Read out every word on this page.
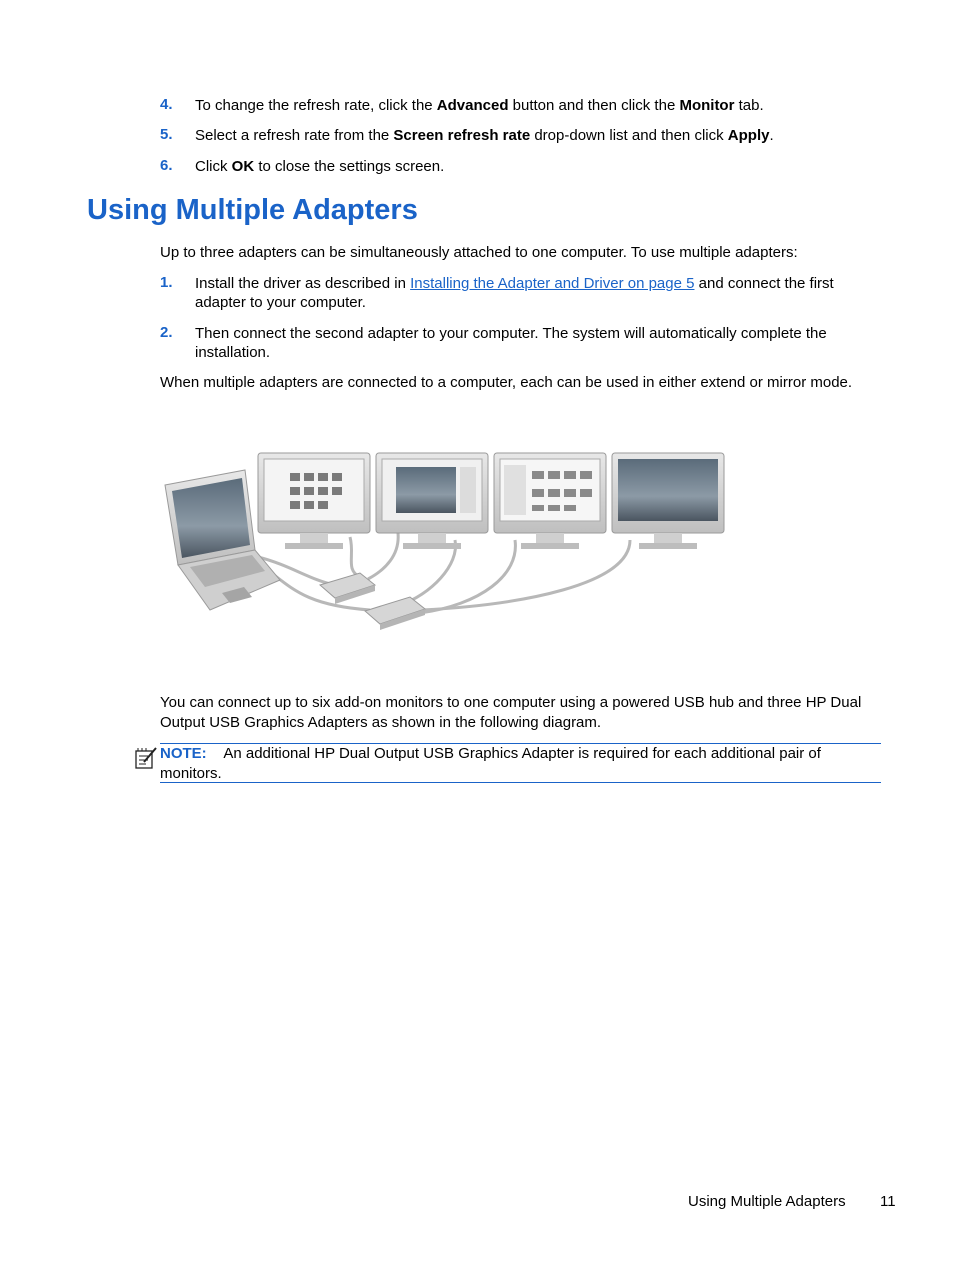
4. To change the refresh rate, click the Advanced button and then click the Monitor tab.
5. Select a refresh rate from the Screen refresh rate drop-down list and then click Apply.
6. Click OK to close the settings screen.
Using Multiple Adapters
Up to three adapters can be simultaneously attached to one computer. To use multiple adapters:
1. Install the driver as described in Installing the Adapter and Driver on page 5 and connect the first adapter to your computer.
2. Then connect the second adapter to your computer. The system will automatically complete the installation.
When multiple adapters are connected to a computer, each can be used in either extend or mirror mode.
You can connect up to six add-on monitors to one computer using a powered USB hub and three HP Dual Output USB Graphics Adapters as shown in the following diagram.
NOTE: An additional HP Dual Output USB Graphics Adapter is required for each additional pair of monitors.
Using Multiple Adapters 11
